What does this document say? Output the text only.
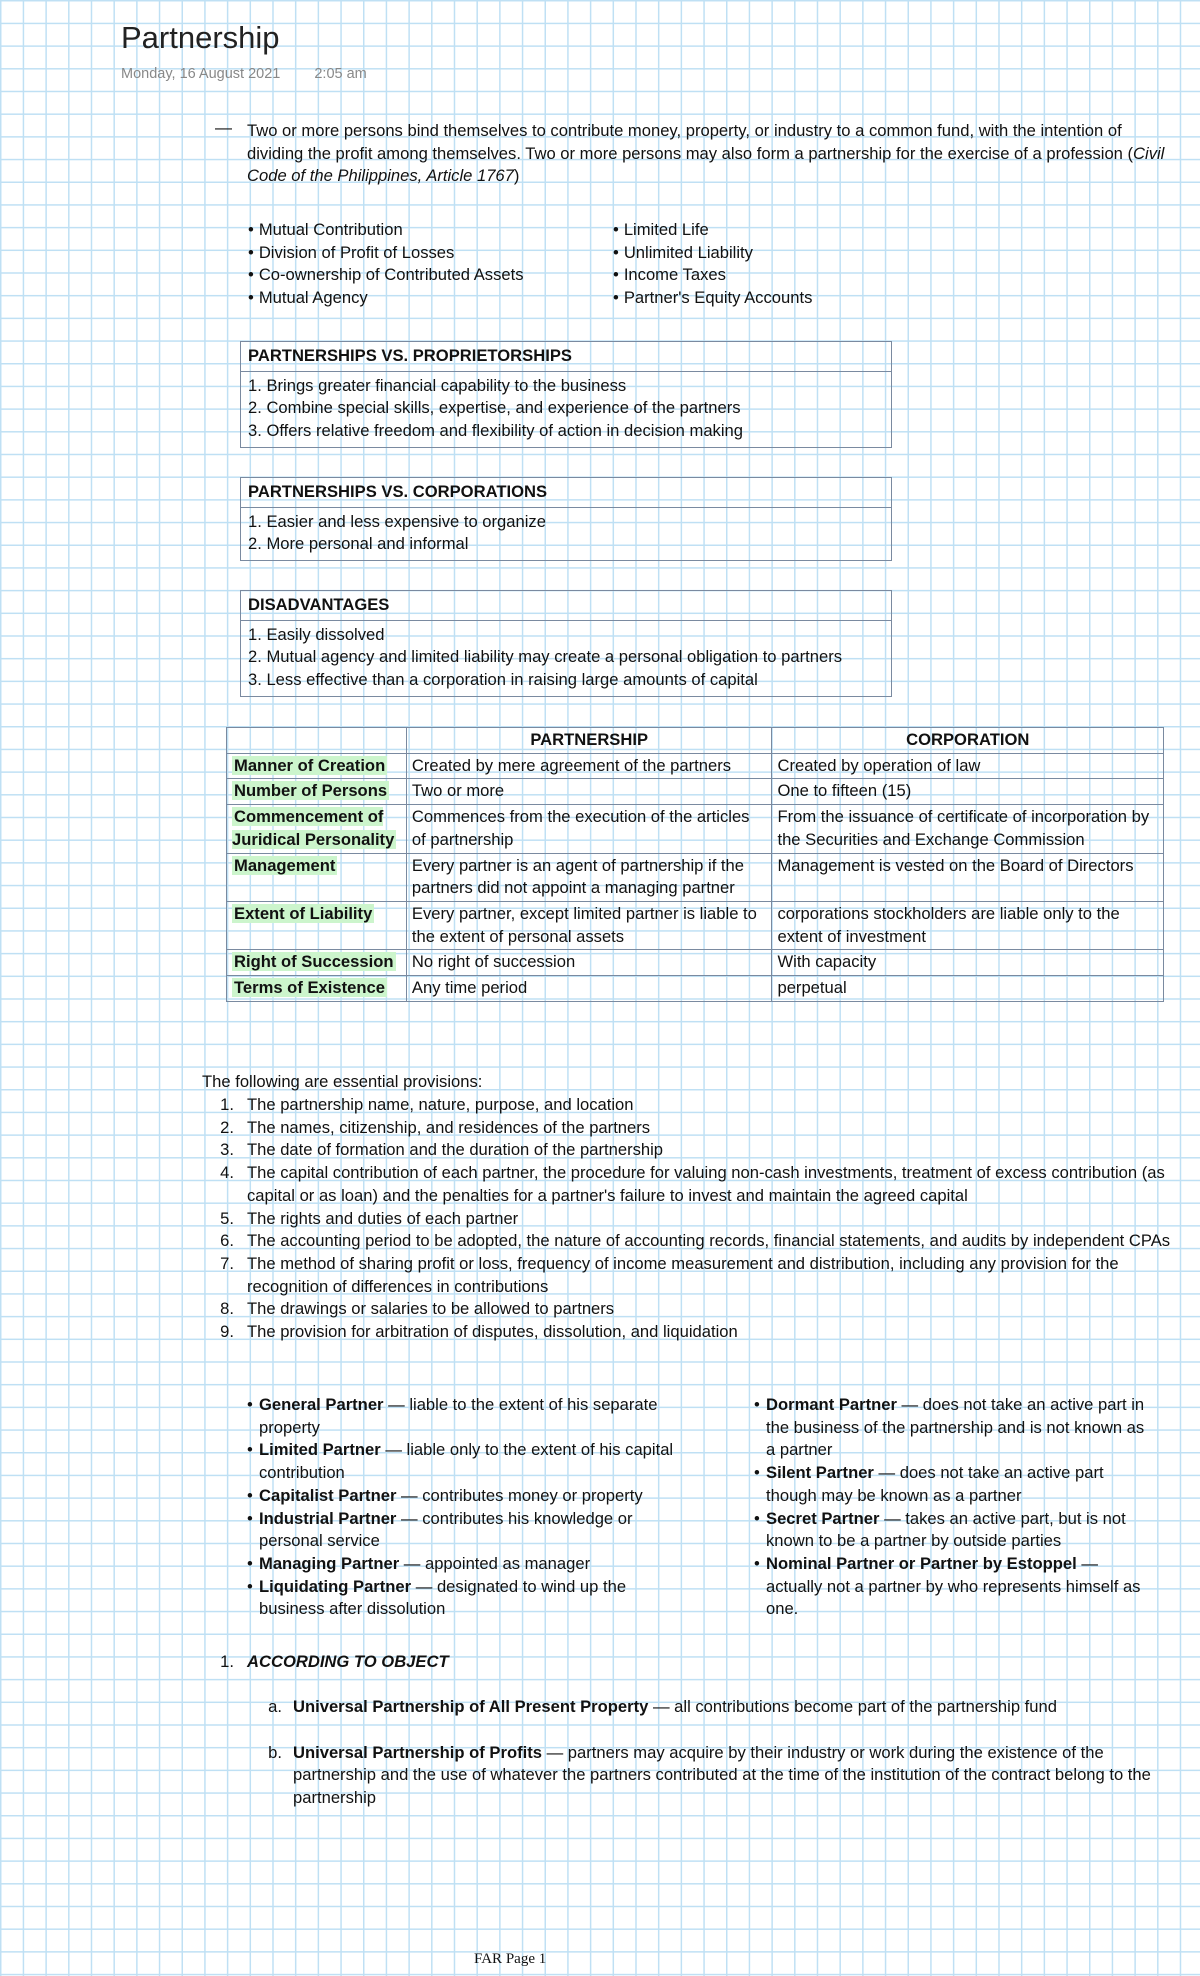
Partnership
Monday, 16 August 2021 2:05 am
— Two or more persons bind themselves to contribute money, property, or industry to a common fund, with the intention of dividing the profit among themselves. Two or more persons may also form a partnership for the exercise of a profession (Civil Code of the Philippines, Article 1767)
• Mutual Contribution
• Division of Profit of Losses
• Co-ownership of Contributed Assets
• Mutual Agency
• Limited Life
• Unlimited Liability
• Income Taxes
• Partner's Equity Accounts
PARTNERSHIPS VS. PROPRIETORSHIPS
1. Brings greater financial capability to the business
2. Combine special skills, expertise, and experience of the partners
3. Offers relative freedom and flexibility of action in decision making
PARTNERSHIPS VS. CORPORATIONS
1. Easier and less expensive to organize
2. More personal and informal
DISADVANTAGES
1. Easily dissolved
2. Mutual agency and limited liability may create a personal obligation to partners
3. Less effective than a corporation in raising large amounts of capital
	PARTNERSHIP	CORPORATION
Manner of Creation	Created by mere agreement of the partners	Created by operation of law
Number of Persons	Two or more	One to fifteen (15)
Commencement of Juridical Personality	Commences from the execution of the articles of partnership	From the issuance of certificate of incorporation by the Securities and Exchange Commission
Management	Every partner is an agent of partnership if the partners did not appoint a managing partner	Management is vested on the Board of Directors
Extent of Liability	Every partner, except limited partner is liable to the extent of personal assets	corporations stockholders are liable only to the extent of investment
Right of Succession	No right of succession	With capacity
Terms of Existence	Any time period	perpetual
The following are essential provisions:
1. The partnership name, nature, purpose, and location
2. The names, citizenship, and residences of the partners
3. The date of formation and the duration of the partnership
4. The capital contribution of each partner, the procedure for valuing non-cash investments, treatment of excess contribution (as capital or as loan) and the penalties for a partner's failure to invest and maintain the agreed capital
5. The rights and duties of each partner
6. The accounting period to be adopted, the nature of accounting records, financial statements, and audits by independent CPAs
7. The method of sharing profit or loss, frequency of income measurement and distribution, including any provision for the recognition of differences in contributions
8. The drawings or salaries to be allowed to partners
9. The provision for arbitration of disputes, dissolution, and liquidation
• General Partner — liable to the extent of his separate property
• Limited Partner — liable only to the extent of his capital contribution
• Capitalist Partner — contributes money or property
• Industrial Partner — contributes his knowledge or personal service
• Managing Partner — appointed as manager
• Liquidating Partner — designated to wind up the business after dissolution
• Dormant Partner — does not take an active part in the business of the partnership and is not known as a partner
• Silent Partner — does not take an active part though may be known as a partner
• Secret Partner — takes an active part, but is not known to be a partner by outside parties
• Nominal Partner or Partner by Estoppel — actually not a partner by who represents himself as one.
1. ACCORDING TO OBJECT
a. Universal Partnership of All Present Property — all contributions become part of the partnership fund
b. Universal Partnership of Profits — partners may acquire by their industry or work during the existence of the partnership and the use of whatever the partners contributed at the time of the institution of the contract belong to the partnership
FAR Page 1
